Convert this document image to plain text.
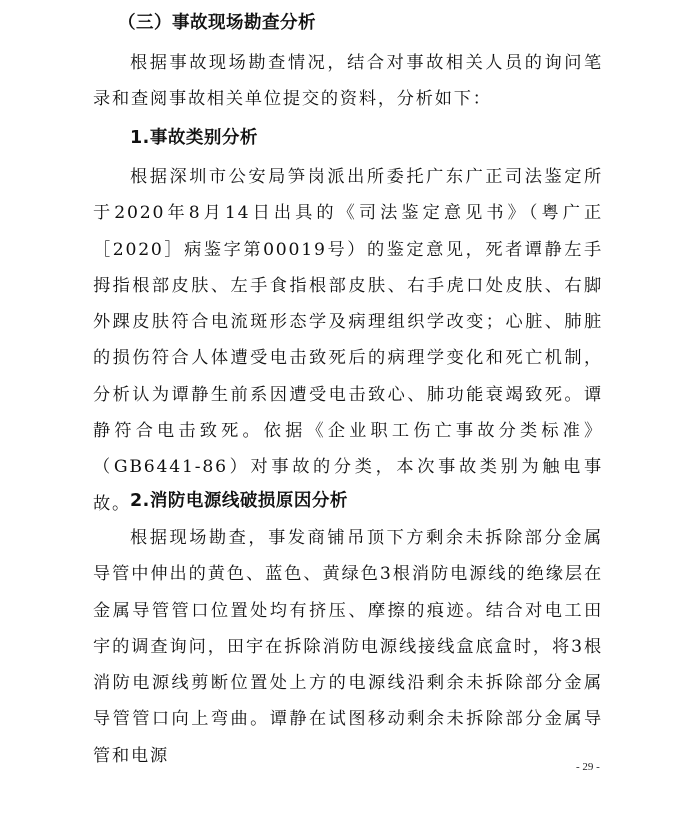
（三）事故现场勘查分析

根据事故现场勘查情况，结合对事故相关人员的询问笔录和查阅事故相关单位提交的资料，分析如下：

1.事故类别分析

根据深圳市公安局笋岗派出所委托广东广正司法鉴定所于2020年8月14日出具的《司法鉴定意见书》（粤广正［2020］病鉴字第00019号）的鉴定意见，死者谭静左手拇指根部皮肤、左手食指根部皮肤、右手虎口处皮肤、右脚外踝皮肤符合电流斑形态学及病理组织学改变；心脏、肺脏的损伤符合人体遭受电击致死后的病理学变化和死亡机制，分析认为谭静生前系因遭受电击致心、肺功能衰竭致死。谭静符合电击致死。依据《企业职工伤亡事故分类标准》（GB6441-86）对事故的分类，本次事故类别为触电事故。 2.消防电源线破损原因分析

根据现场勘查，事发商铺吊顶下方剩余未拆除部分金属导管中伸出的黄色、蓝色、黄绿色3根消防电源线的绝缘层在金属导管管口位置处均有挤压、摩擦的痕迹。结合对电工田宇的调查询问，田宇在拆除消防电源线接线盒底盒时，将3根消防电源线剪断位置处上方的电源线沿剩余未拆除部分金属导管管口向上弯曲。谭静在试图移动剩余未拆除部分金属导管和电源

- 29 -
